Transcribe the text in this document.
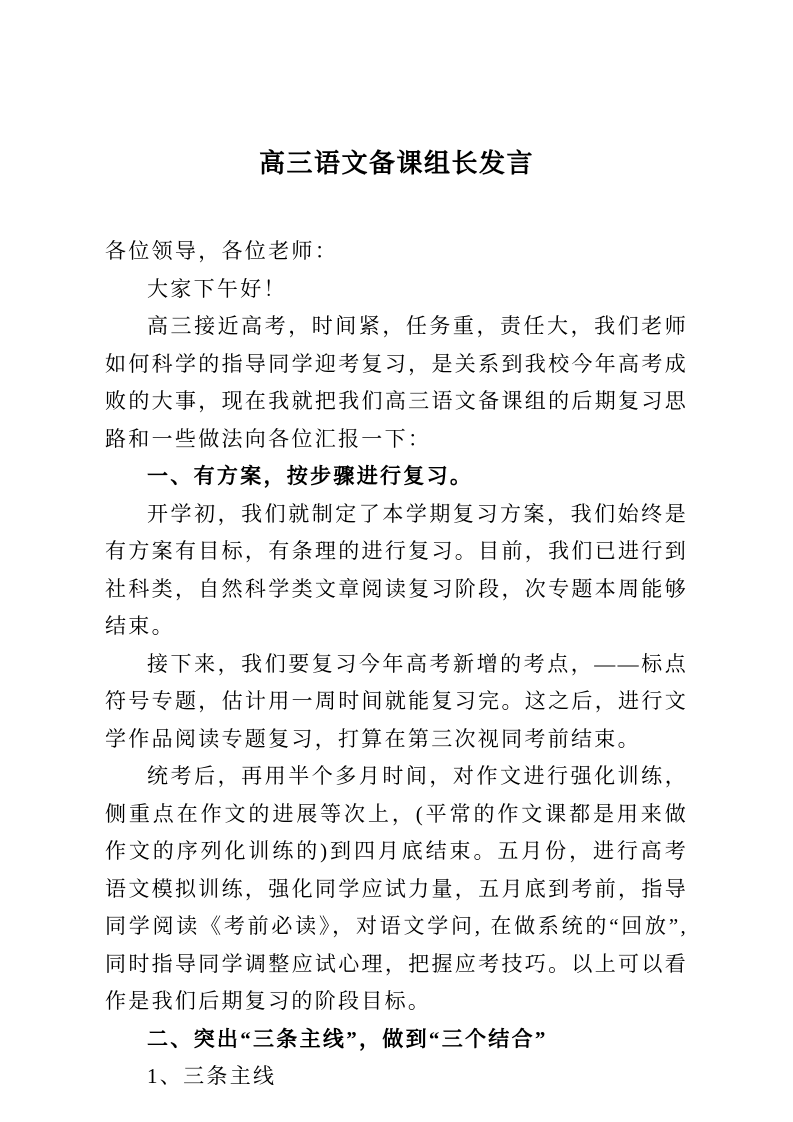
高三语文备课组长发言

各位领导，各位老师：

大家下午好！

高三接近高考，时间紧，任务重，责任大，我们老师如何科学的指导同学迎考复习，是关系到我校今年高考成败的大事，现在我就把我们高三语文备课组的后期复习思路和一些做法向各位汇报一下：

一、有方案，按步骤进行复习。

开学初，我们就制定了本学期复习方案，我们始终是有方案有目标，有条理的进行复习。目前，我们已进行到社科类，自然科学类文章阅读复习阶段，次专题本周能够结束。

接下来，我们要复习今年高考新增的考点，——标点符号专题，估计用一周时间就能复习完。这之后，进行文学作品阅读专题复习，打算在第三次视同考前结束。

统考后，再用半个多月时间，对作文进行强化训练，侧重点在作文的进展等次上，(平常的作文课都是用来做作文的序列化训练的)到四月底结束。五月份，进行高考语文模拟训练，强化同学应试力量，五月底到考前，指导同学阅读《考前必读》，对语文学问, 在做系统的“回放”, 同时指导同学调整应试心理，把握应考技巧。以上可以看作是我们后期复习的阶段目标。

二、突出“三条主线”，做到“三个结合”

1、三条主线
